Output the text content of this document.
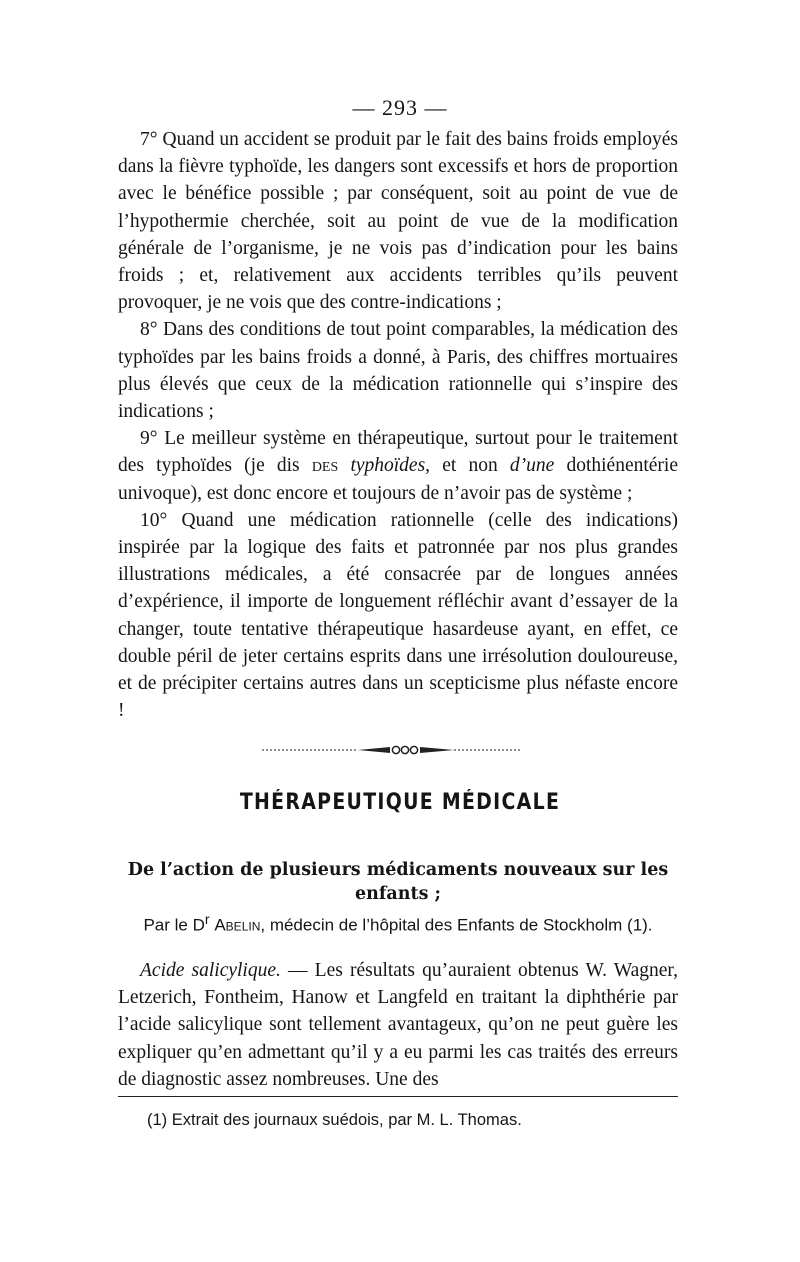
— 293 —

7° Quand un accident se produit par le fait des bains froids employés dans la fièvre typhoïde, les dangers sont excessifs et hors de proportion avec le bénéfice possible ; par conséquent, soit au point de vue de l’hypothermie cherchée, soit au point de vue de la modification générale de l’organisme, je ne vois pas d’indication pour les bains froids ; et, relativement aux accidents terribles qu’ils peuvent provoquer, je ne vois que des contre-indications ;

8° Dans des conditions de tout point comparables, la médication des typhoïdes par les bains froids a donné, à Paris, des chiffres mortuaires plus élevés que ceux de la médication rationnelle qui s’inspire des indications ;

9° Le meilleur système en thérapeutique, surtout pour le traitement des typhoïdes (je dis des typhoïdes, et non d’une dothiénentérie univoque), est donc encore et toujours de n’avoir pas de système ;

10° Quand une médication rationnelle (celle des indications) inspirée par la logique des faits et patronnée par nos plus grandes illustrations médicales, a été consacrée par de longues années d’expérience, il importe de longuement réfléchir avant d’essayer de la changer, toute tentative thérapeutique hasardeuse ayant, en effet, ce double péril de jeter certains esprits dans une irrésolution douloureuse, et de précipiter certains autres dans un scepticisme plus néfaste encore !

THÉRAPEUTIQUE MÉDICALE
De l’action de plusieurs médicaments nouveaux sur les enfants ;
Par le $D^r$ Abelin, médecin de l’hôpital des Enfants de Stockholm (1).
Acide salicylique. — Les résultats qu’auraient obtenus W. Wagner, Letzerich, Fontheim, Hanow et Langfeld en traitant la diphthérie par l’acide salicylique sont tellement avantageux, qu’on ne peut guère les expliquer qu’en admettant qu’il y a eu parmi les cas traités des erreurs de diagnostic assez nombreuses. Une des
(1) Extrait des journaux suédois, par M. L. Thomas.
